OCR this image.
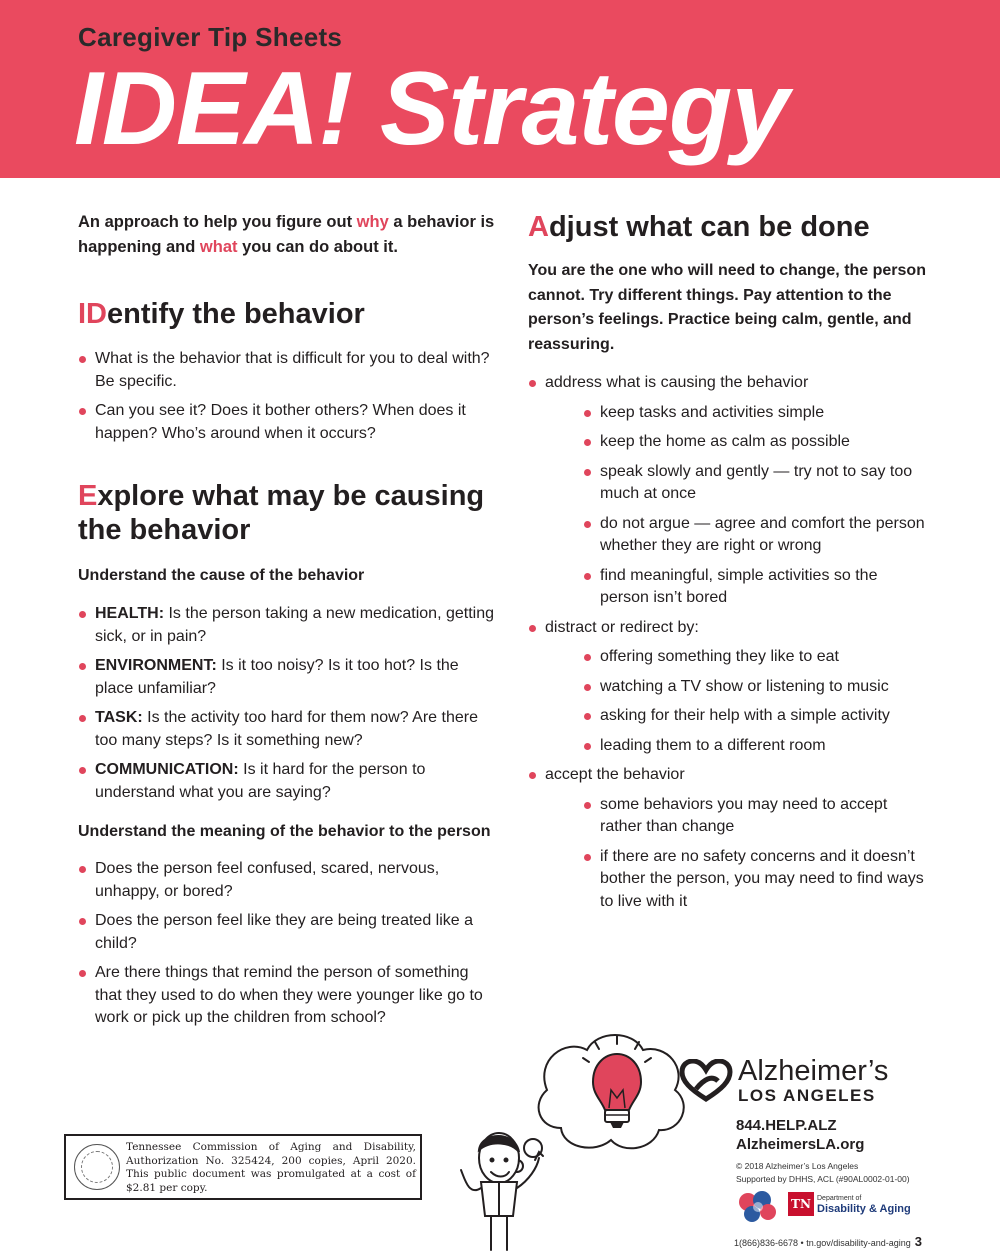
Caregiver Tip Sheets
IDEA! Strategy

An approach to help you figure out why a behavior is happening and what you can do about it.

IDentify the behavior
What is the behavior that is difficult for you to deal with? Be specific.
Can you see it? Does it bother others? When does it happen? Who’s around when it occurs?
Explore what may be causing the behavior
Understand the cause of the behavior
HEALTH: Is the person taking a new medication, getting sick, or in pain?
ENVIRONMENT: Is it too noisy? Is it too hot? Is the place unfamiliar?
TASK: Is the activity too hard for them now? Are there too many steps? Is it something new?
COMMUNICATION: Is it hard for the person to understand what you are saying?
Understand the meaning of the behavior to the person
Does the person feel confused, scared, nervous, unhappy, or bored?
Does the person feel like they are being treated like a child?
Are there things that remind the person of something that they used to do when they were younger like go to work or pick up the children from school?
Adjust what can be done

You are the one who will need to change, the person cannot. Try different things. Pay attention to the person’s feelings. Practice being calm, gentle, and reassuring.

address what is causing the behavior
keep tasks and activities simple
keep the home as calm as possible
speak slowly and gently — try not to say too much at once
do not argue — agree and comfort the person whether they are right or wrong
find meaningful, simple activities so the person isn’t bored
distract or redirect by:
offering something they like to eat
watching a TV show or listening to music
asking for their help with a simple activity
leading them to a different room
accept the behavior
some behaviors you may need to accept rather than change
if there are no safety concerns and it doesn’t bother the person, you may need to find ways to live with it
Alzheimer’s
LOS ANGELES
844.HELP.ALZ
AlzheimersLA.org
© 2018 Alzheimer’s Los Angeles
Supported by DHHS, ACL (#90AL0002-01-00)
TN Department of
Disability & Aging
1(866)836-6678 • tn.gov/disability-and-aging 3
Tennessee Commission of Aging and Disability, Authorization No. 325424, 200 copies, April 2020. This public document was promulgated at a cost of $2.81 per copy.
